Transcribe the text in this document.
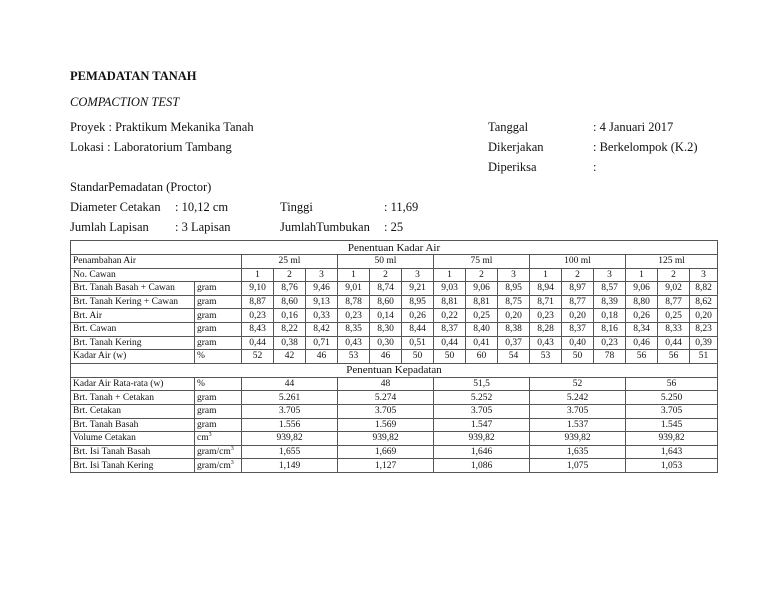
PEMADATAN TANAH
COMPACTION TEST
Proyek : Praktikum Mekanika Tanah
Lokasi : Laboratorium Tambang
Tanggal	: 4 Januari 2017
Dikerjakan	: Berkelompok (K.2)
Diperiksa	:
StandarPemadatan (Proctor)
Diameter Cetakan : 10,12 cm	Tinggi	: 11,69
Jumlah Lapisan : 3 Lapisan	JumlahTumbukan : 25
Penentuan Kadar Air																
Penambahan Air		25 ml			50 ml			75 ml			100 ml			125 ml		
No. Cawan		1	2	3	1	2	3	1	2	3	1	2	3	1	2	3
Brt. Tanah Basah + Cawan	gram	9,10	8,76	9,46	9,01	8,74	9,21	9,03	9,06	8,95	8,94	8,97	8,57	9,06	9,02	8,82
Brt. Tanah Kering + Cawan	gram	8,87	8,60	9,13	8,78	8,60	8,95	8,81	8,81	8,75	8,71	8,77	8,39	8,80	8,77	8,62
Brt. Air	gram	0,23	0,16	0,33	0,23	0,14	0,26	0,22	0,25	0,20	0,23	0,20	0,18	0,26	0,25	0,20
Brt. Cawan	gram	8,43	8,22	8,42	8,35	8,30	8,44	8,37	8,40	8,38	8,28	8,37	8,16	8,34	8,33	8,23
Brt. Tanah Kering	gram	0,44	0,38	0,71	0,43	0,30	0,51	0,44	0,41	0,37	0,43	0,40	0,23	0,46	0,44	0,39
Kadar Air (w)	%	52	42	46	53	46	50	50	60	54	53	50	78	56	56	51
Penentuan Kepadatan																
Kadar Air Rata-rata (w)	%	44			48			51,5			52			56		
Brt. Tanah + Cetakan	gram	5.261			5.274			5.252			5.242			5.250		
Brt. Cetakan	gram	3.705			3.705			3.705			3.705			3.705		
Brt. Tanah Basah	gram	1.556			1.569			1.547			1.537			1.545		
Volume Cetakan	$cm^3$	939,82			939,82			939,82			939,82			939,82		
Brt. Isi Tanah Basah	gram/$cm^3$	1,655			1,669			1,646			1,635			1,643		
Brt. Isi Tanah Kering	gram/$cm^3$	1,149			1,127			1,086			1,075			1,053		
